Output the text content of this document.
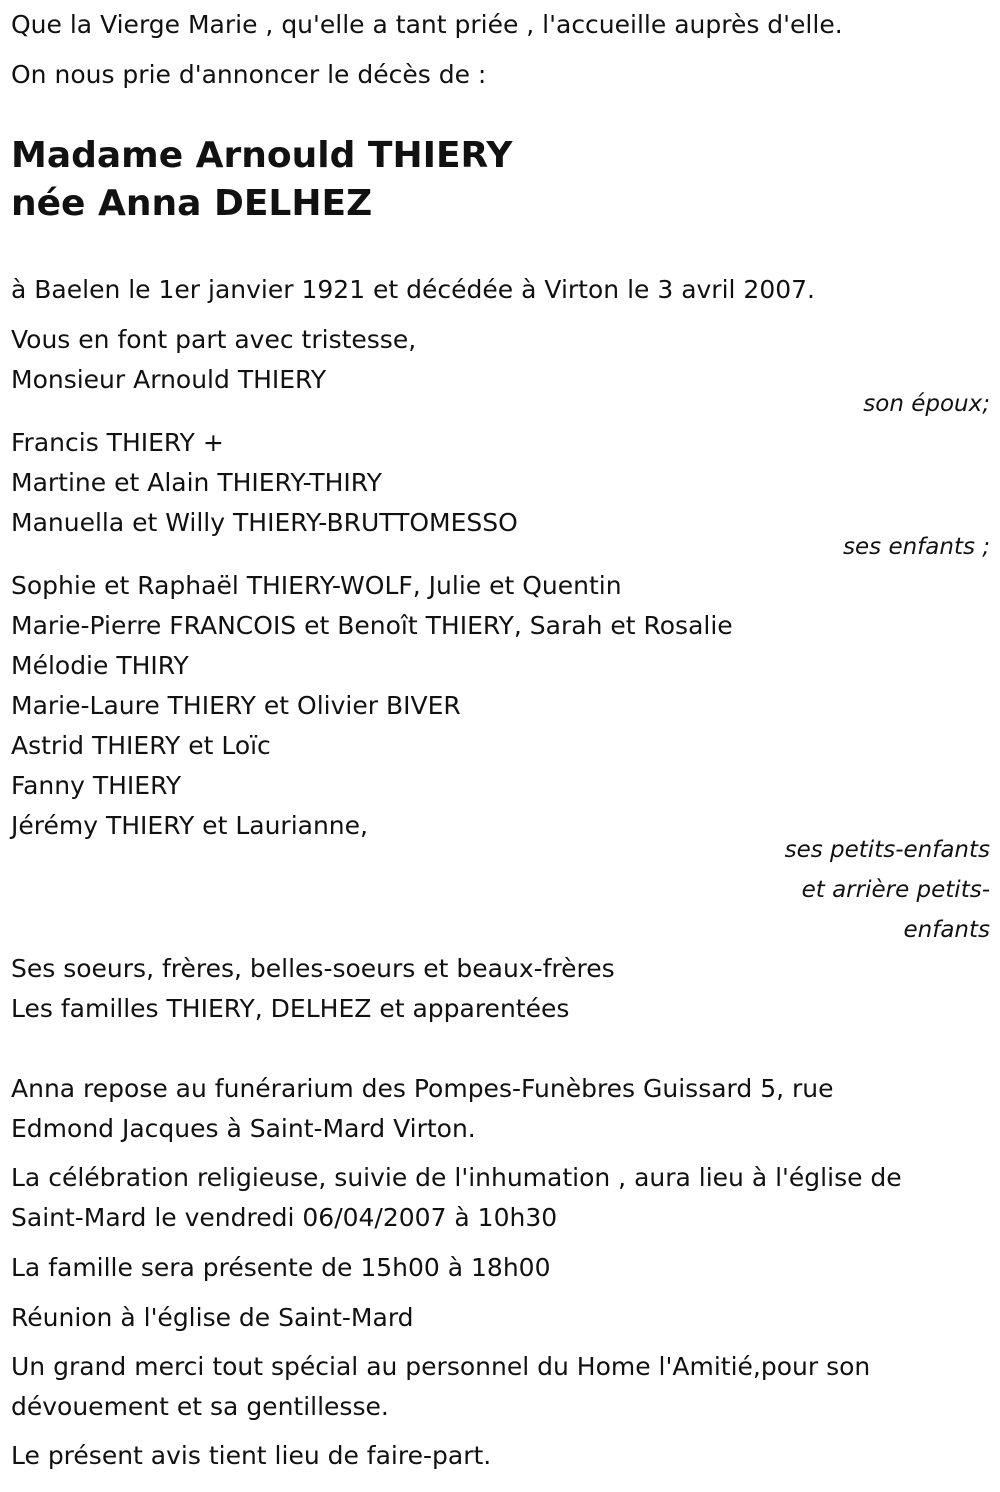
Que la Vierge Marie , qu'elle a tant priée , l'accueille auprès d'elle.
On nous prie d'annoncer le décès de :
Madame Arnould THIERY
née Anna DELHEZ
à Baelen le 1er janvier 1921 et décédée à Virton le 3 avril 2007.
Vous en font part avec tristesse,
Monsieur Arnould THIERY
son époux;
Francis THIERY +
Martine et Alain THIERY-THIRY
Manuella et Willy THIERY-BRUTTOMESSO
ses enfants ;
Sophie et Raphaël THIERY-WOLF, Julie et Quentin
Marie-Pierre FRANCOIS et Benoît THIERY, Sarah et Rosalie
Mélodie THIRY
Marie-Laure THIERY et Olivier BIVER
Astrid THIERY et Loïc
Fanny THIERY
Jérémy THIERY et Laurianne,
ses petits-enfants
et arrière petits-
enfants
Ses soeurs, frères, belles-soeurs et beaux-frères
Les familles THIERY, DELHEZ et apparentées
Anna repose au funérarium des Pompes-Funèbres Guissard 5, rue
Edmond Jacques à Saint-Mard Virton.
La célébration religieuse, suivie de l'inhumation , aura lieu à l'église de
Saint-Mard le vendredi 06/04/2007 à 10h30
La famille sera présente de 15h00 à 18h00
Réunion à l'église de Saint-Mard
Un grand merci tout spécial au personnel du Home l'Amitié,pour son
dévouement et sa gentillesse.
Le présent avis tient lieu de faire-part.
